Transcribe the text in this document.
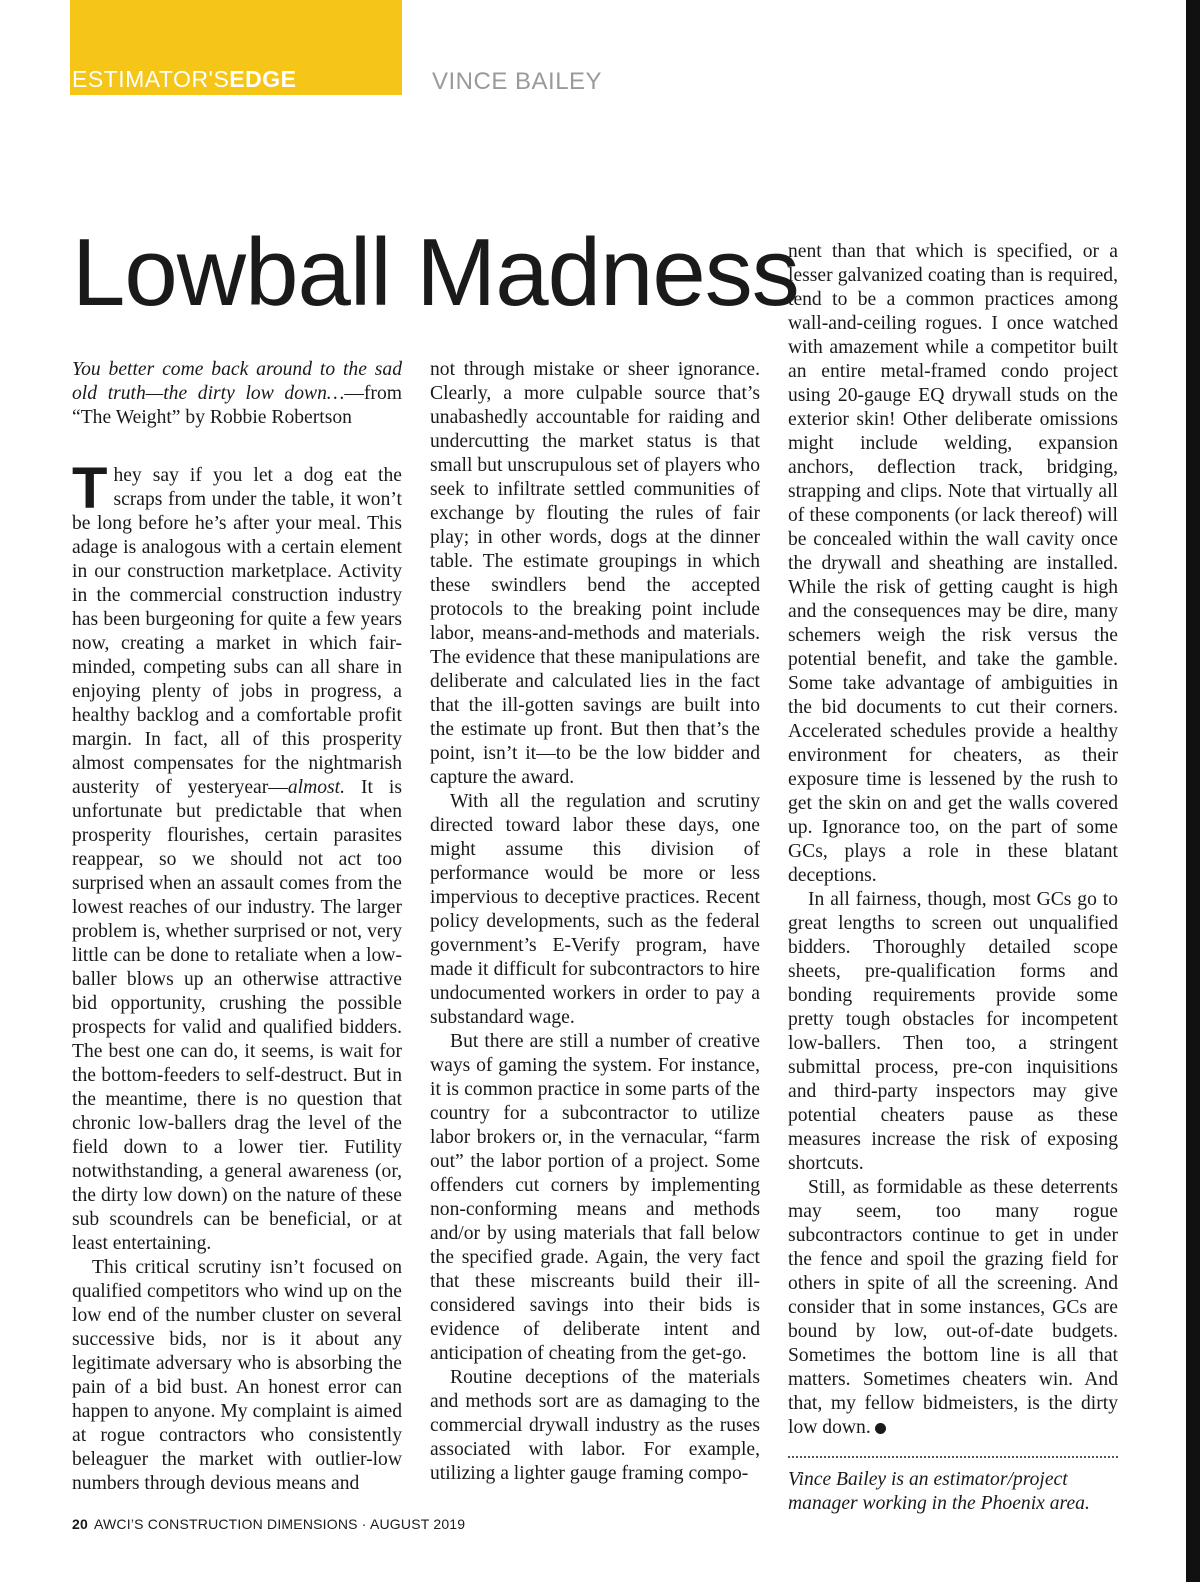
ESTIMATOR'SEDGE	VINCE BAILEY
Lowball Madness

You better come back around to the sad old truth—the dirty low down…—from “The Weight” by Robbie Robertson

They say if you let a dog eat the scraps from under the table, it won’t be long before he’s after your meal. This adage is analogous with a certain element in our construction marketplace. Activity in the commercial construction industry has been burgeoning for quite a few years now, creating a market in which fair-minded, competing subs can all share in enjoying plenty of jobs in progress, a healthy backlog and a comfortable profit margin. In fact, all of this prosperity almost compensates for the nightmarish austerity of yesteryear—almost. It is unfortunate but predictable that when prosperity flourishes, certain parasites reappear, so we should not act too surprised when an assault comes from the lowest reaches of our industry. The larger problem is, whether surprised or not, very little can be done to retaliate when a low-baller blows up an otherwise attractive bid opportunity, crushing the possible prospects for valid and qualified bidders. The best one can do, it seems, is wait for the bottom-feeders to self-destruct. But in the meantime, there is no question that chronic low-ballers drag the level of the field down to a lower tier. Futility notwithstanding, a general awareness (or, the dirty low down) on the nature of these sub scoundrels can be beneficial, or at least entertaining.

This critical scrutiny isn’t focused on qualified competitors who wind up on the low end of the number cluster on several successive bids, nor is it about any legitimate adversary who is absorbing the pain of a bid bust. An honest error can happen to anyone. My complaint is aimed at rogue contractors who consistently beleaguer the market with outlier-low numbers through devious means and

not through mistake or sheer ignorance. Clearly, a more culpable source that’s unabashedly accountable for raiding and undercutting the market status is that small but unscrupulous set of players who seek to infiltrate settled communities of exchange by flouting the rules of fair play; in other words, dogs at the dinner table. The estimate groupings in which these swindlers bend the accepted protocols to the breaking point include labor, means-and-methods and materials. The evidence that these manipulations are deliberate and calculated lies in the fact that the ill-gotten savings are built into the estimate up front. But then that’s the point, isn’t it—to be the low bidder and capture the award.

With all the regulation and scrutiny directed toward labor these days, one might assume this division of performance would be more or less impervious to deceptive practices. Recent policy developments, such as the federal government’s E-Verify program, have made it difficult for subcontractors to hire undocumented workers in order to pay a substandard wage.

But there are still a number of creative ways of gaming the system. For instance, it is common practice in some parts of the country for a subcontractor to utilize labor brokers or, in the vernacular, “farm out” the labor portion of a project. Some offenders cut corners by implementing non-conforming means and methods and/or by using materials that fall below the specified grade. Again, the very fact that these miscreants build their ill-considered savings into their bids is evidence of deliberate intent and anticipation of cheating from the get-go.

Routine deceptions of the materials and methods sort are as damaging to the commercial drywall industry as the ruses associated with labor. For example, utilizing a lighter gauge framing compo-

nent than that which is specified, or a lesser galvanized coating than is required, tend to be a common practices among wall-and-ceiling rogues. I once watched with amazement while a competitor built an entire metal-framed condo project using 20-gauge EQ drywall studs on the exterior skin! Other deliberate omissions might include welding, expansion anchors, deflection track, bridging, strapping and clips. Note that virtually all of these components (or lack thereof) will be concealed within the wall cavity once the drywall and sheathing are installed. While the risk of getting caught is high and the consequences may be dire, many schemers weigh the risk versus the potential benefit, and take the gamble. Some take advantage of ambiguities in the bid documents to cut their corners. Accelerated schedules provide a healthy environment for cheaters, as their exposure time is lessened by the rush to get the skin on and get the walls covered up. Ignorance too, on the part of some GCs, plays a role in these blatant deceptions.

In all fairness, though, most GCs go to great lengths to screen out unqualified bidders. Thoroughly detailed scope sheets, pre-qualification forms and bonding requirements provide some pretty tough obstacles for incompetent low-ballers. Then too, a stringent submittal process, pre-con inquisitions and third-party inspectors may give potential cheaters pause as these measures increase the risk of exposing shortcuts.

Still, as formidable as these deterrents may seem, too many rogue subcontractors continue to get in under the fence and spoil the grazing field for others in spite of all the screening. And consider that in some instances, GCs are bound by low, out-of-date budgets. Sometimes the bottom line is all that matters. Sometimes cheaters win. And that, my fellow bidmeisters, is the dirty low down.

Vince Bailey is an estimator/project manager working in the Phoenix area.

20 AWCI’S CONSTRUCTION DIMENSIONS · AUGUST 2019
